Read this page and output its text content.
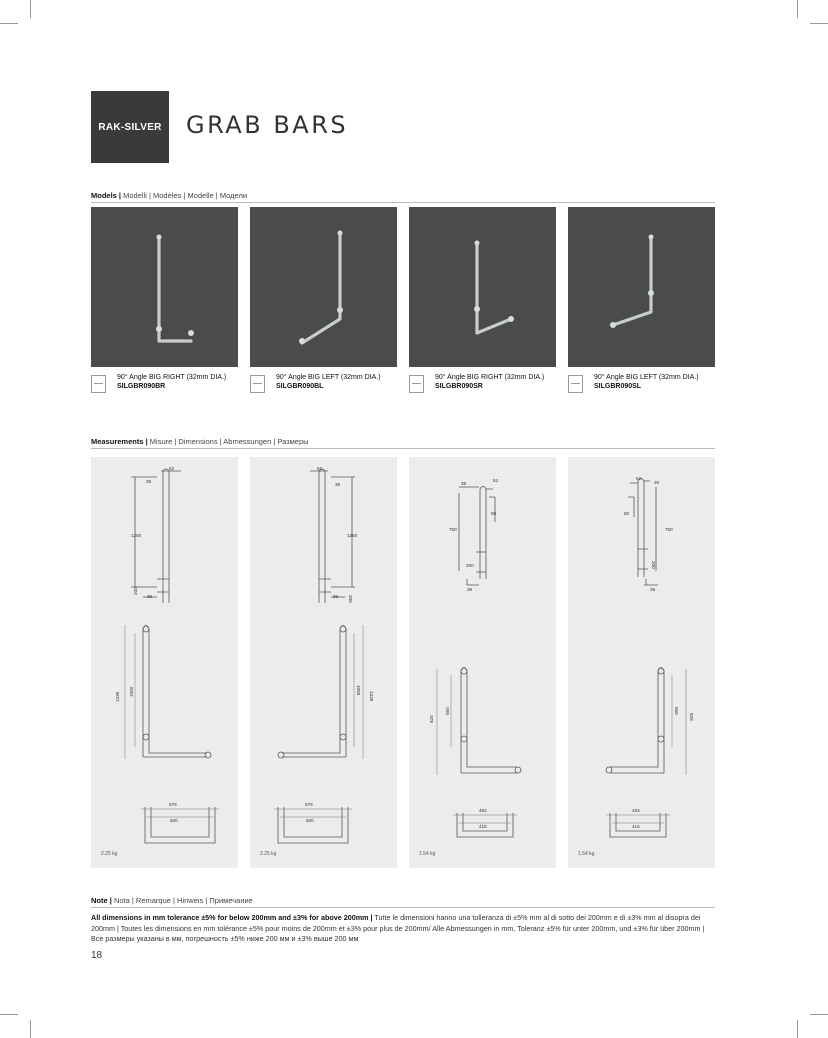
RAK-SILVER GRAB BARS
Models | Modelli | Modèles | Modelle | Модели
90° Angle BIG RIGHT (32mm DIA.)
SILGBR090BR
90° Angle BIG LEFT (32mm DIA.)
SILGBR090BL
90° Angle BIG RIGHT (32mm DIA.)
SILGBR090SR
90° Angle BIG LEFT (32mm DIA.)
SILGBR090SL
Measurements | Misure | Dimensions | Abmessungen | Размеры
62
39
1250
39
200
1339 1050
678
600
2.25 kg
62
39
1250
39 200
1339
1050
678
600
2.25 kg
62
39
50
750
200
39
828
550
493
415
1.54 kg
62
39
50
750
200
39
828
550
493
415
1.54 kg
Note | Nota | Remarque | Hinweis | Примечание
All dimensions in mm tolerance ±5% for below 200mm and ±3% for above 200mm | Tutte le dimensioni hanno una tolleranza di ±5% mm al di sotto dei 200mm e di ±3% mm al disopra dei 200mm | Toutes les dimensions en mm tolérance ±5% pour moins de 200mm et ±3% pour plus de 200mm/ Alle Abmessungen in mm, Toleranz ±5% für unter 200mm, und ±3% für über 200mm | Все размеры указаны в мм, погрешность ±5% ниже 200 мм и ±3% выше 200 мм
18
